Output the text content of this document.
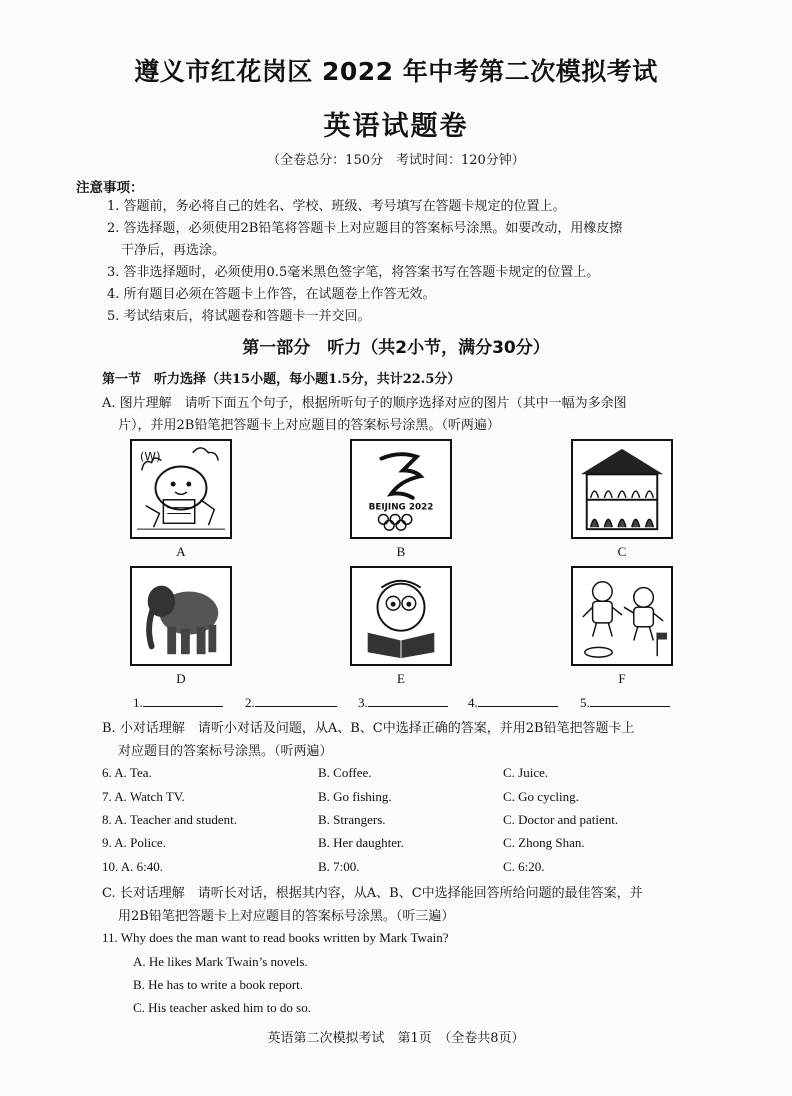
遵义市红花岗区 2022 年中考第二次模拟考试
英语试题卷
（全卷总分：150分　考试时间：120分钟）
注意事项：
1. 答题前，务必将自己的姓名、学校、班级、考号填写在答题卡规定的位置上。
2. 答选择题，必须使用2B铅笔将答题卡上对应题目的答案标号涂黑。如要改动，用橡皮擦
干净后，再选涂。
3. 答非选择题时，必须使用0.5毫米黑色签字笔，将答案书写在答题卡规定的位置上。
4. 所有题目必须在答题卡上作答，在试题卷上作答无效。
5. 考试结束后，将试题卷和答题卡一并交回。
第一部分　听力（共2小节，满分30分）
第一节　听力选择（共15小题，每小题1.5分，共计22.5分）
A. 图片理解　请听下面五个句子，根据所听句子的顺序选择对应的图片（其中一幅为多余图
片），并用2B铅笔把答题卡上对应题目的答案标号涂黑。（听两遍）
(W)
A
BEIJING 2022
B	C
D	E	F
1.	2.	3.	4.	5.
B. 小对话理解　请听小对话及问题，从A、B、C中选择正确的答案，并用2B铅笔把答题卡上
对应题目的答案标号涂黑。（听两遍）
6. A. Tea.	B. Coffee.	C. Juice.
7. A. Watch TV.	B. Go fishing.	C. Go cycling.
8. A. Teacher and student.	B. Strangers.	C. Doctor and patient.
9. A. Police.	B. Her daughter.	C. Zhong Shan.
10. A. 6:40.	B. 7:00.	C. 6:20.
C. 长对话理解　请听长对话，根据其内容，从A、B、C中选择能回答所给问题的最佳答案，并
用2B铅笔把答题卡上对应题目的答案标号涂黑。（听三遍）
11. Why does the man want to read books written by Mark Twain?
A. He likes Mark Twain’s novels.
B. He has to write a book report.
C. His teacher asked him to do so.
英语第二次模拟考试　第1页　（全卷共8页）
